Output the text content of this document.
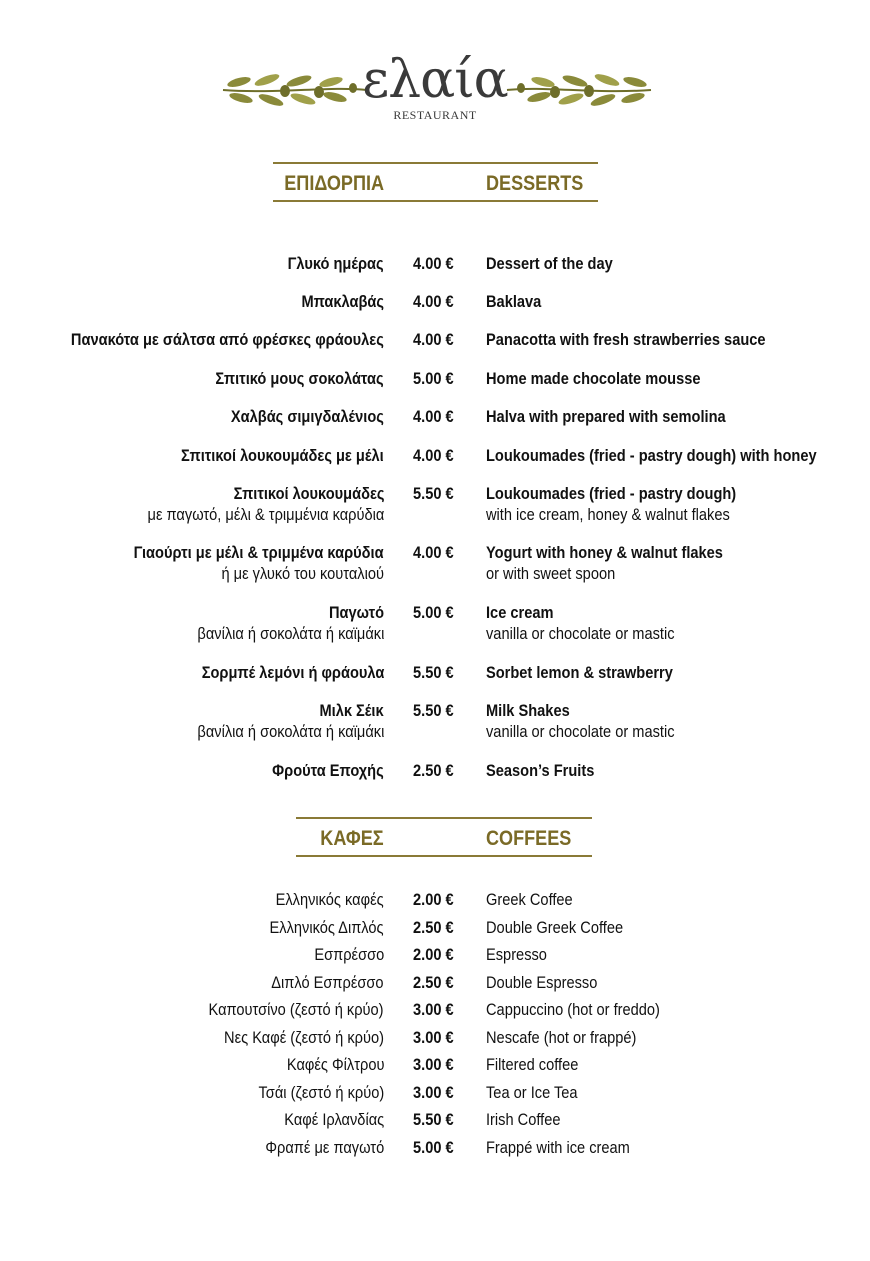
ελαία
RESTAURANT
ΕΠΙΔΟΡΠΙΑ	DESSERTS
Γλυκό ημέρας 4.00 € Dessert of the day
Μπακλαβάς 4.00 € Baklava
Πανακότα με σάλτσα από φρέσκες φράουλες 4.00 € Panacotta with fresh strawberries sauce
Σπιτικό μους σοκολάτας 5.00 € Home made chocolate mousse
Χαλβάς σιμιγδαλένιος 4.00 € Halva with prepared with semolina
Σπιτικοί λουκουμάδες με μέλι 4.00 € Loukoumades (fried - pastry dough) with honey
Σπιτικοί λουκουμάδες
με παγωτό, μέλι & τριμμένια καρύδια
5.50 € Loukoumades (fried - pastry dough)
with ice cream, honey & walnut flakes
Γιαούρτι με μέλι & τριμμένα καρύδια
ή με γλυκό του κουταλιού
4.00 € Yogurt with honey & walnut flakes
or with sweet spoon
Παγωτό
βανίλια ή σοκολάτα ή καϊμάκι
5.00 € Ice cream
vanilla or chocolate or mastic
Σορμπέ λεμόνι ή φράουλα 5.50 € Sorbet lemon & strawberry
Μιλκ Σέικ
βανίλια ή σοκολάτα ή καϊμάκι
5.50 € Milk Shakes
vanilla or chocolate or mastic
Φρούτα Εποχής 2.50 € Season’s Fruits
ΚΑΦΕΣ	COFFEES
Ελληνικός καφές 2.00 € Greek Coffee
Ελληνικός Διπλός 2.50 € Double Greek Coffee
Εσπρέσσο 2.00 € Espresso
Διπλό Εσπρέσσο 2.50 € Double Espresso
Καπουτσίνο (ζεστό ή κρύο) 3.00 € Cappuccino (hot or freddo)
Νες Καφέ (ζεστό ή κρύο) 3.00 € Nescafe (hot or frappé)
Καφές Φίλτρου 3.00 € Filtered coffee
Τσάι (ζεστό ή κρύο) 3.00 € Tea or Ice Tea
Καφέ Ιρλανδίας 5.50 € Irish Coffee
Φραπέ με παγωτό 5.00 € Frappé with ice cream
